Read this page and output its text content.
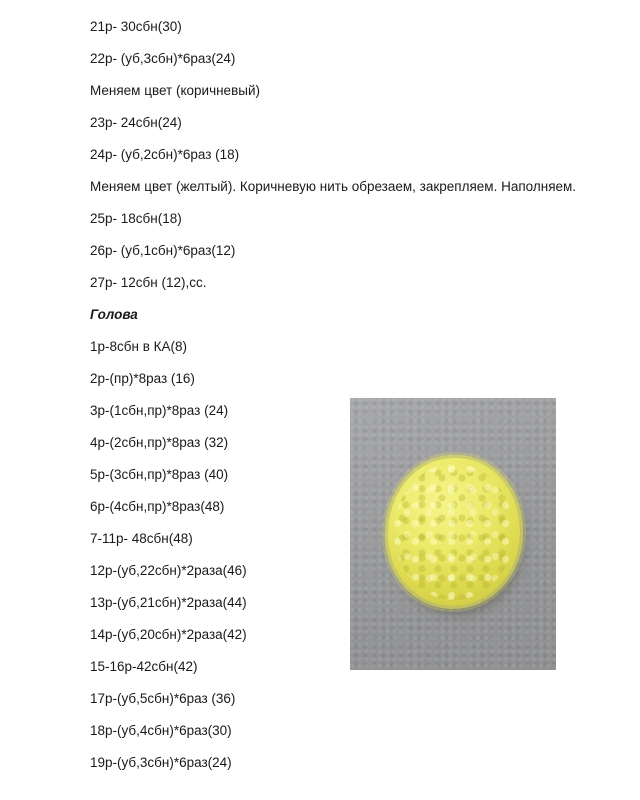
21р- 30сбн(30)
22р- (уб,3сбн)*6раз(24)
Меняем цвет (коричневый)
23р- 24сбн(24)
24р- (уб,2сбн)*6раз (18)
Меняем цвет (желтый). Коричневую нить обрезаем, закрепляем. Наполняем.
25р- 18сбн(18)
26р- (уб,1сбн)*6раз(12)
27р- 12сбн (12),сс.
Голова
1р-8сбн в КА(8)
2р-(пр)*8раз (16)
3р-(1сбн,пр)*8раз (24)
4р-(2сбн,пр)*8раз (32)
5р-(3сбн,пр)*8раз (40)
6р-(4сбн,пр)*8раз(48)
7-11р- 48сбн(48)
12р-(уб,22сбн)*2раза(46)
13р-(уб,21сбн)*2раза(44)
14р-(уб,20сбн)*2раза(42)
15-16р-42сбн(42)
17р-(уб,5сбн)*6раз (36)
18р-(уб,4сбн)*6раз(30)
19р-(уб,3сбн)*6раз(24)
